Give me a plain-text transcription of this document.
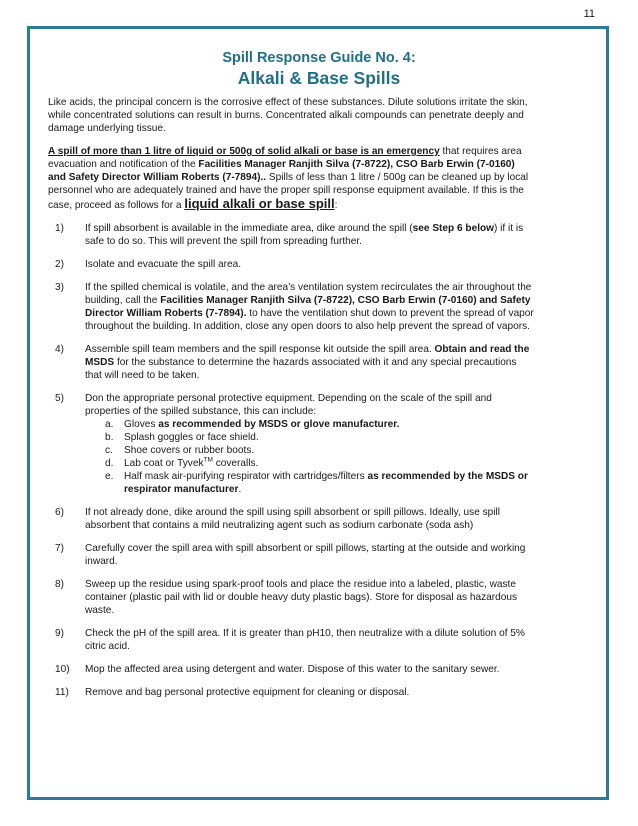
11
Spill Response Guide No. 4:
Alkali & Base Spills

Like acids, the principal concern is the corrosive effect of these substances. Dilute solutions irritate the skin, while concentrated solutions can result in burns. Concentrated alkali compounds can penetrate deeply and damage underlying tissue.

A spill of more than 1 litre of liquid or 500g of solid alkali or base is an emergency that requires area evacuation and notification of the Facilities Manager Ranjith Silva (7-8722), CSO Barb Erwin (7-0160) and Safety Director William Roberts (7-7894).. Spills of less than 1 litre / 500g can be cleaned up by local personnel who are adequately trained and have the proper spill response equipment available. If this is the case, proceed as follows for a liquid alkali or base spill:

1) If spill absorbent is available in the immediate area, dike around the spill (see Step 6 below) if it is safe to do so. This will prevent the spill from spreading further.
2) Isolate and evacuate the spill area.
3) If the spilled chemical is volatile, and the area’s ventilation system recirculates the air throughout the building, call the Facilities Manager Ranjith Silva (7-8722), CSO Barb Erwin (7-0160) and Safety Director William Roberts (7-7894). to have the ventilation shut down to prevent the spread of vapor throughout the building. In addition, close any open doors to also help prevent the spread of vapors.
4) Assemble spill team members and the spill response kit outside the spill area. Obtain and read the MSDS for the substance to determine the hazards associated with it and any special precautions that will need to be taken.
5) Don the appropriate personal protective equipment. Depending on the scale of the spill and properties of the spilled substance, this can include:
a. Gloves as recommended by MSDS or glove manufacturer.
b. Splash goggles or face shield.
c. Shoe covers or rubber boots.
d. Lab coat or Tyvek™ coveralls.
e. Half mask air-purifying respirator with cartridges/filters as recommended by the MSDS or respirator manufacturer.
6) If not already done, dike around the spill using spill absorbent or spill pillows. Ideally, use spill absorbent that contains a mild neutralizing agent such as sodium carbonate (soda ash)
7) Carefully cover the spill area with spill absorbent or spill pillows, starting at the outside and working inward.
8) Sweep up the residue using spark-proof tools and place the residue into a labeled, plastic, waste container (plastic pail with lid or double heavy duty plastic bags). Store for disposal as hazardous waste.
9) Check the pH of the spill area. If it is greater than pH10, then neutralize with a dilute solution of 5% citric acid.
10) Mop the affected area using detergent and water. Dispose of this water to the sanitary sewer.
11) Remove and bag personal protective equipment for cleaning or disposal.
